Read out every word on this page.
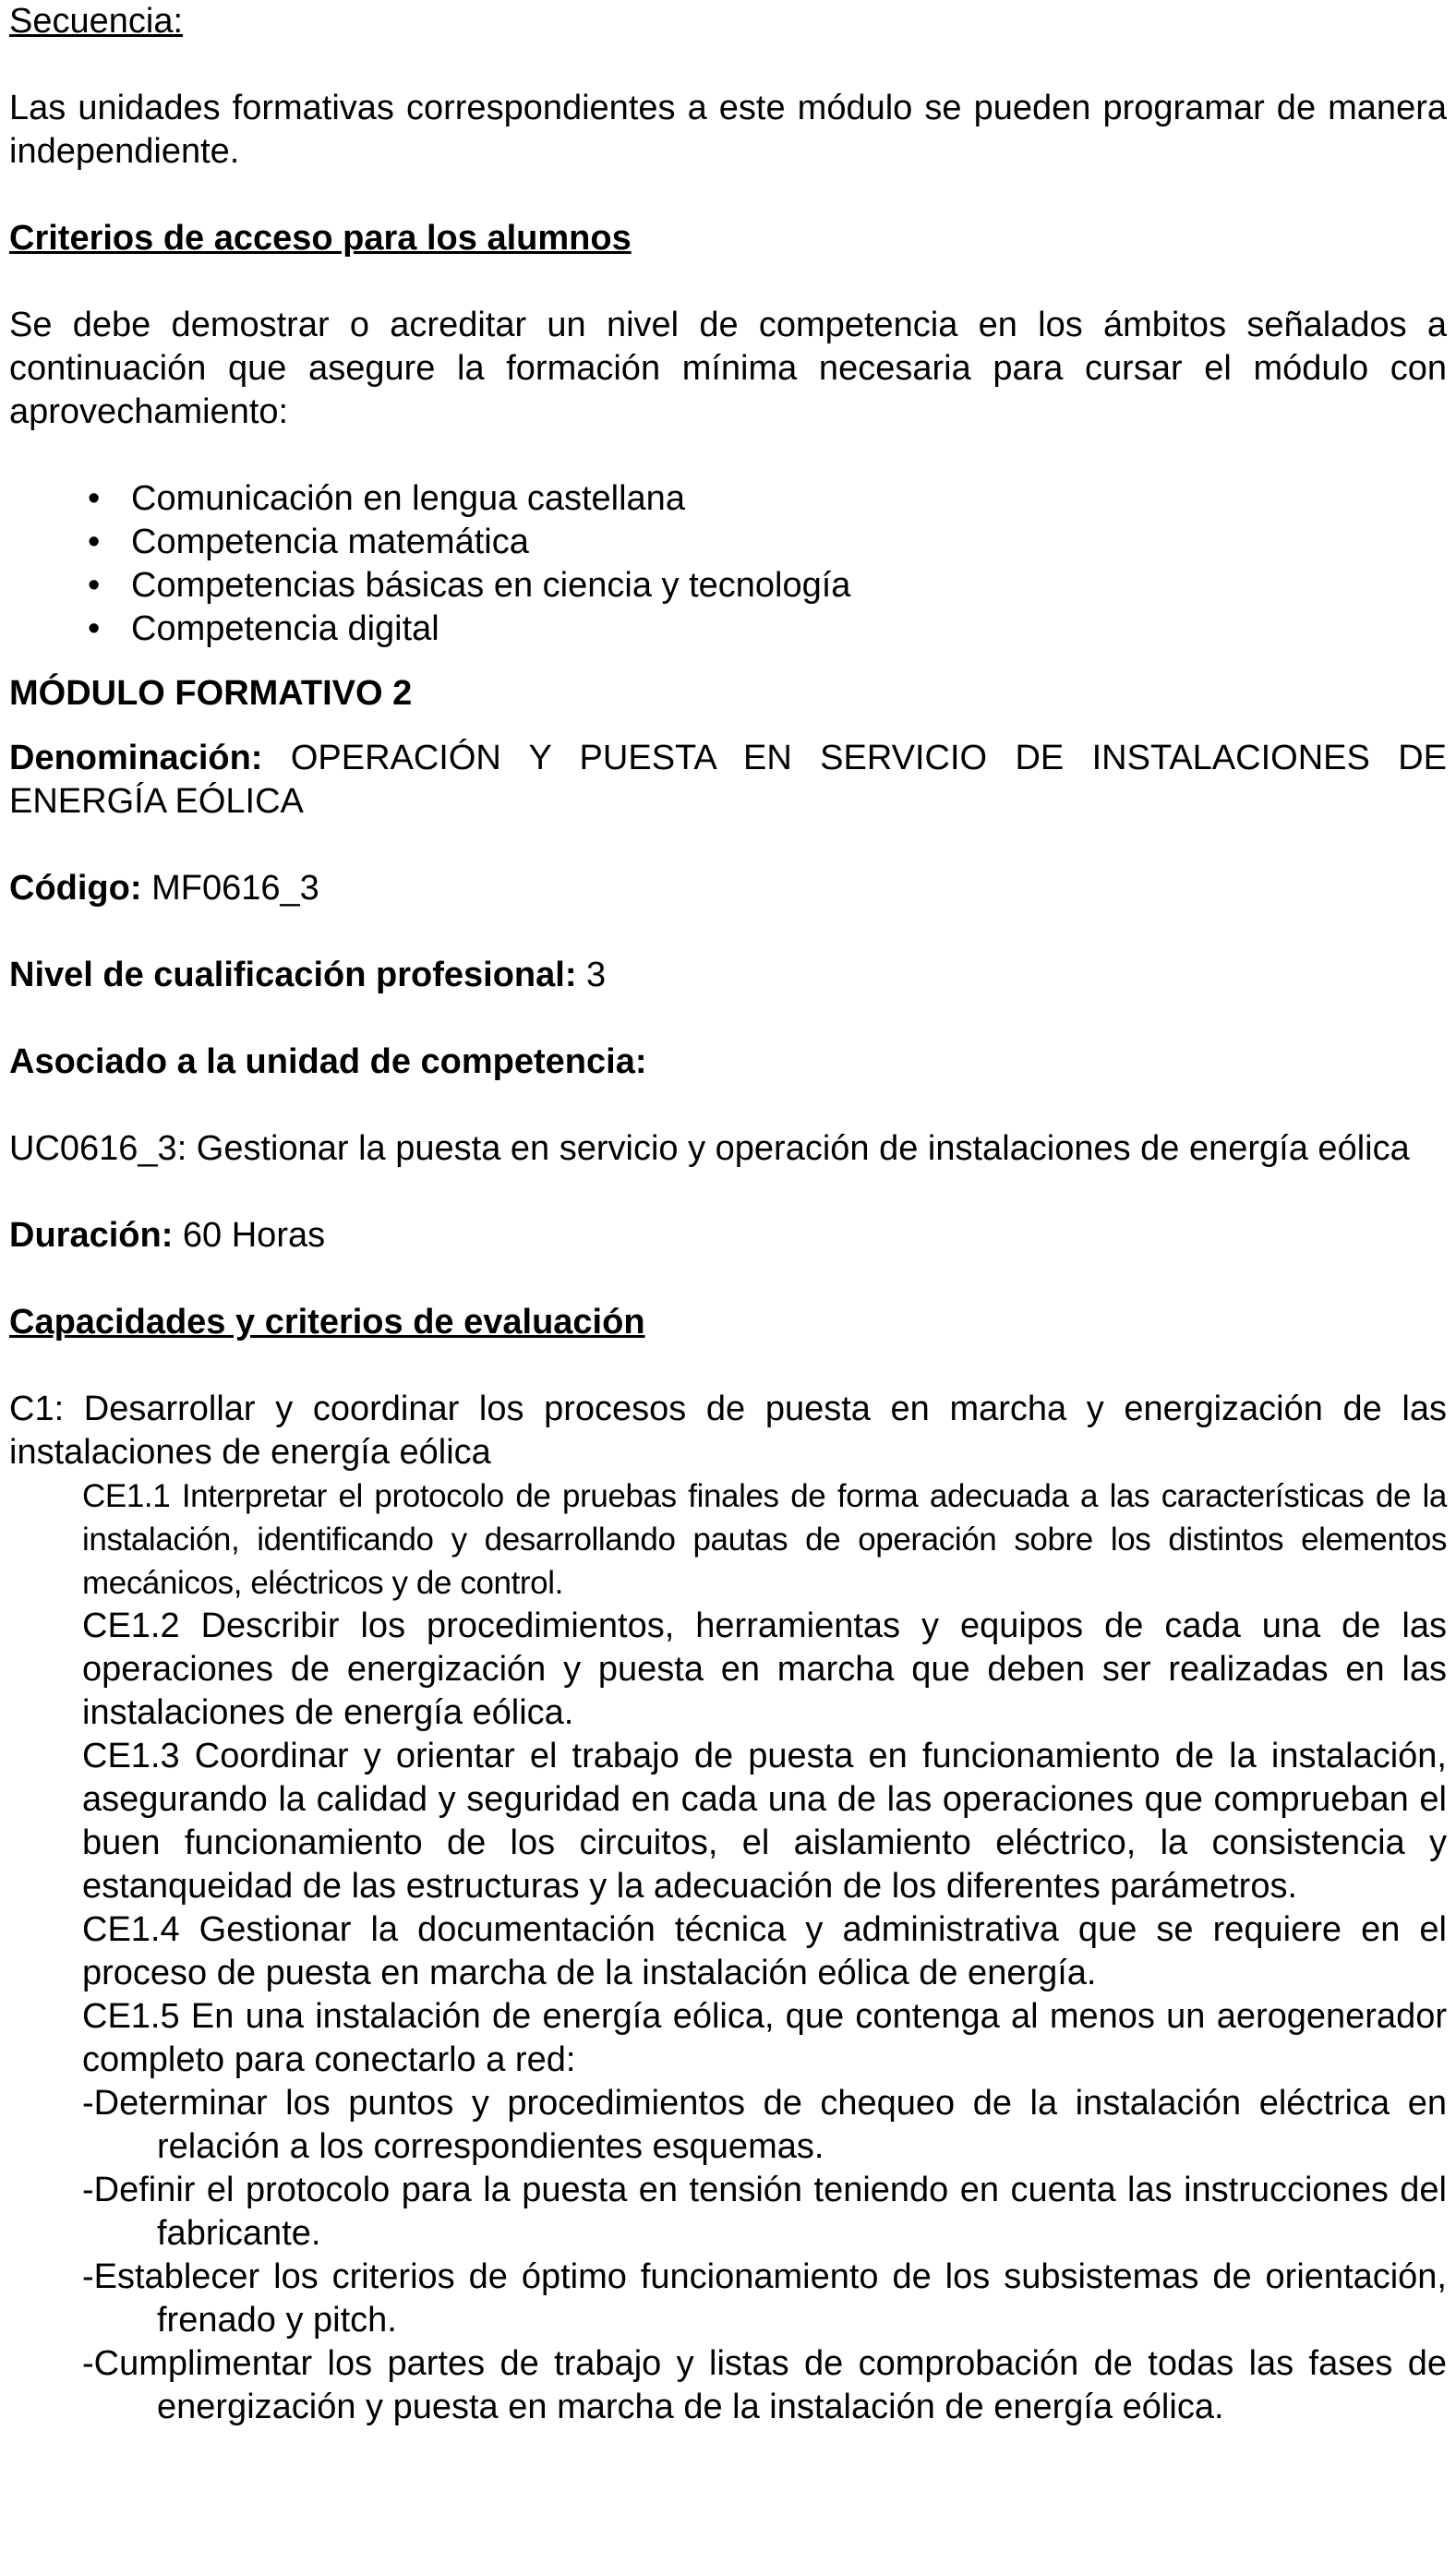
Secuencia:

Las unidades formativas correspondientes a este módulo se pueden programar de manera independiente.

Criterios de acceso para los alumnos

Se debe demostrar o acreditar un nivel de competencia en los ámbitos señalados a continuación que asegure la formación mínima necesaria para cursar el módulo con aprovechamiento:

• Comunicación en lengua castellana
• Competencia matemática
• Competencias básicas en ciencia y tecnología
• Competencia digital

MÓDULO FORMATIVO 2

Denominación: OPERACIÓN Y PUESTA EN SERVICIO DE INSTALACIONES DE ENERGÍA EÓLICA

Código: MF0616_3

Nivel de cualificación profesional: 3

Asociado a la unidad de competencia:

UC0616_3: Gestionar la puesta en servicio y operación de instalaciones de energía eólica

Duración: 60 Horas

Capacidades y criterios de evaluación

C1: Desarrollar y coordinar los procesos de puesta en marcha y energización de las instalaciones de energía eólica

CE1.1 Interpretar el protocolo de pruebas finales de forma adecuada a las características de la instalación, identificando y desarrollando pautas de operación sobre los distintos elementos mecánicos, eléctricos y de control.

CE1.2 Describir los procedimientos, herramientas y equipos de cada una de las operaciones de energización y puesta en marcha que deben ser realizadas en las instalaciones de energía eólica.

CE1.3 Coordinar y orientar el trabajo de puesta en funcionamiento de la instalación, asegurando la calidad y seguridad en cada una de las operaciones que comprueban el buen funcionamiento de los circuitos, el aislamiento eléctrico, la consistencia y estanqueidad de las estructuras y la adecuación de los diferentes parámetros.

CE1.4 Gestionar la documentación técnica y administrativa que se requiere en el proceso de puesta en marcha de la instalación eólica de energía.

CE1.5 En una instalación de energía eólica, que contenga al menos un aerogenerador completo para conectarlo a red:

-Determinar los puntos y procedimientos de chequeo de la instalación eléctrica en relación a los correspondientes esquemas.

-Definir el protocolo para la puesta en tensión teniendo en cuenta las instrucciones del fabricante.

-Establecer los criterios de óptimo funcionamiento de los subsistemas de orientación, frenado y pitch.

-Cumplimentar los partes de trabajo y listas de comprobación de todas las fases de energización y puesta en marcha de la instalación de energía eólica.
